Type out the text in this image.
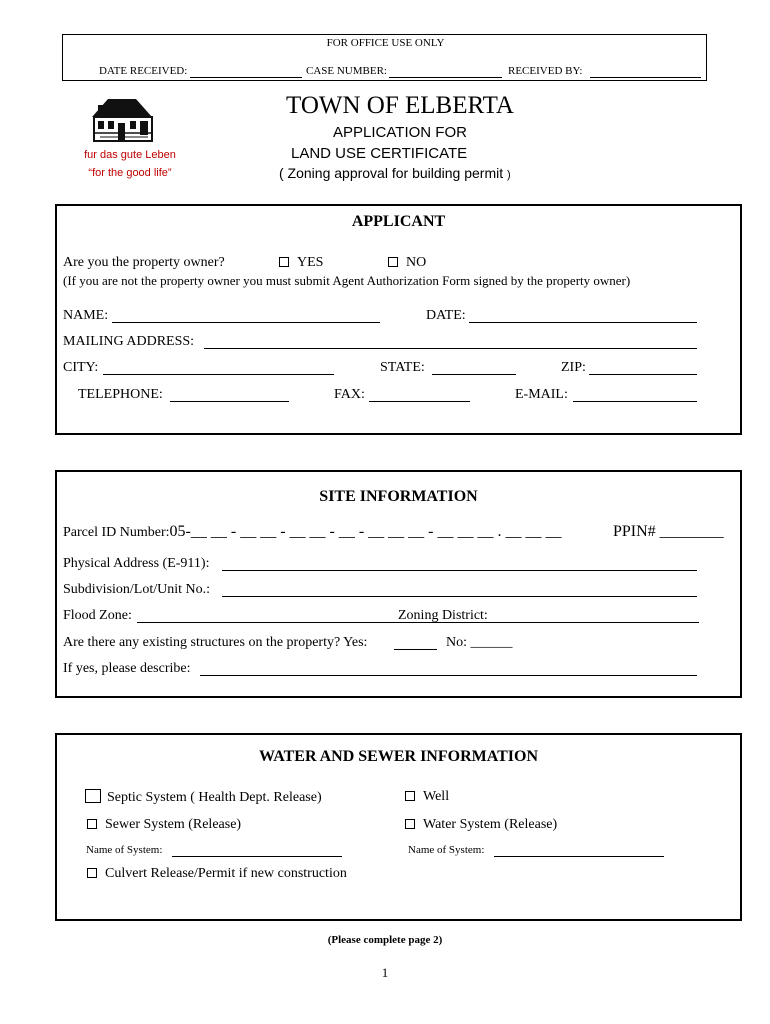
FOR OFFICE USE ONLY
DATE RECEIVED:	CASE NUMBER:	RECEIVED BY:
fur das gute Leben
“for the good life”
TOWN OF ELBERTA
APPLICATION FOR
LAND USE CERTIFICATE
( Zoning approval for building permit )
APPLICANT
Are you the property owner?	YES	NO
(If you are not the property owner you must submit Agent Authorization Form signed by the property owner)
NAME:	DATE:
MAILING ADDRESS:
CITY:	STATE:	ZIP:
TELEPHONE:	FAX:	E-MAIL:
SITE INFORMATION
Parcel ID Number:05-__ __ - __ __ - __ __ - __ - __ __ __ - __ __ __ . __ __ __	PPIN# ________
Physical Address (E-911):
Subdivision/Lot/Unit No.:
Flood Zone:	Zoning District:
Are there any existing structures on the property? Yes:	No: ______
If yes, please describe:
WATER AND SEWER INFORMATION
Septic System ( Health Dept. Release)	Well
Sewer System (Release)	Water System (Release)
Name of System:	Name of System:
Culvert Release/Permit if new construction
(Please complete page 2)
1
